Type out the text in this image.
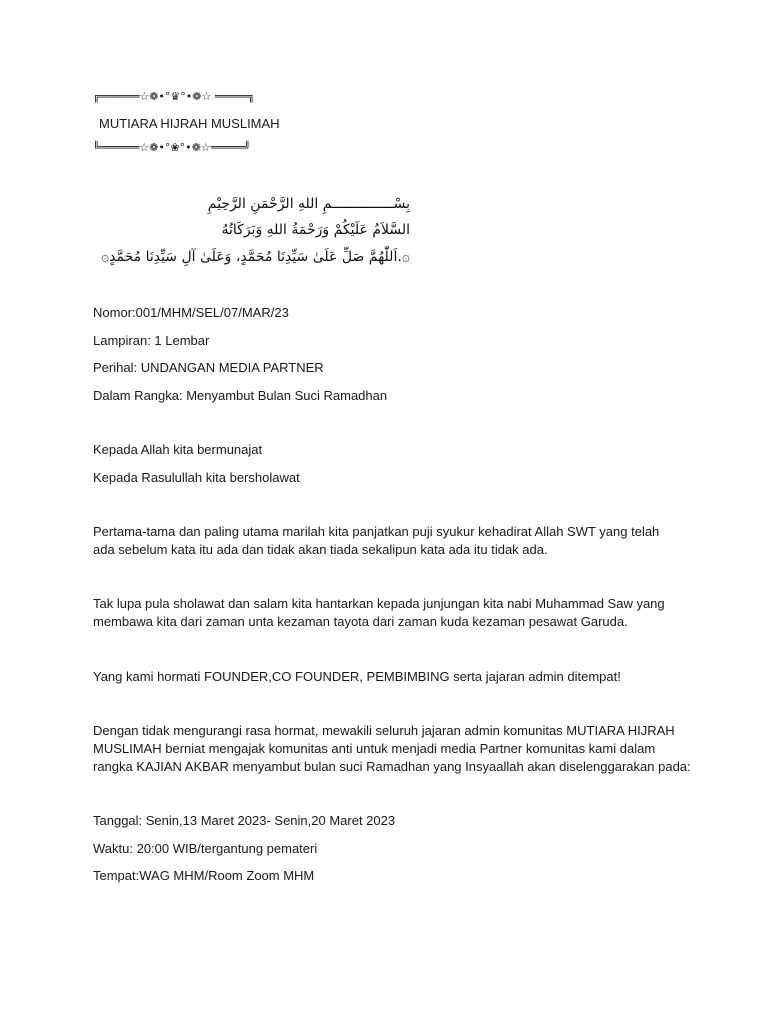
╔══════☆❁•°♛°•❁☆ ═════╗
MUTIARA HIJRAH MUSLIMAH
╚══════☆❁•°❀°•❁☆═════╝
بِسْـــــــــــــــمِ اللهِ الرَّحْمَنِ الرَّحِيْمِ
السَّلاَمُ عَلَيْكُمْ وَرَحْمَةُ اللهِ وَبَرَكَاتُهُ
۞.اَللّٰهُمَّ صَلِّ عَلَىٰ سَيِّدِنَا مُحَمَّدٍ، وَعَلَىٰ آلِ سَيِّدِنَا مُحَمَّدٍ۞
Nomor:001/MHM/SEL/07/MAR/23
Lampiran: 1 Lembar
Perihal: UNDANGAN MEDIA PARTNER
Dalam Rangka: Menyambut Bulan Suci Ramadhan
Kepada Allah kita bermunajat
Kepada Rasulullah kita bersholawat
Pertama-tama dan paling utama marilah kita panjatkan puji syukur kehadirat Allah SWT yang telah
ada sebelum kata itu ada dan tidak akan tiada sekalipun kata ada itu tidak ada.
Tak lupa pula sholawat dan salam kita hantarkan kepada junjungan kita nabi Muhammad Saw yang
membawa kita dari zaman unta kezaman tayota dari zaman kuda kezaman pesawat Garuda.
Yang kami hormati FOUNDER,CO FOUNDER, PEMBIMBING serta jajaran admin ditempat!
Dengan tidak mengurangi rasa hormat, mewakili seluruh jajaran admin komunitas MUTIARA HIJRAH
MUSLIMAH berniat mengajak komunitas anti untuk menjadi media Partner komunitas kami dalam
rangka KAJIAN AKBAR menyambut bulan suci Ramadhan yang Insyaallah akan diselenggarakan pada:
Tanggal: Senin,13 Maret 2023- Senin,20 Maret 2023
Waktu: 20:00 WIB/tergantung pemateri
Tempat:WAG MHM/Room Zoom MHM
